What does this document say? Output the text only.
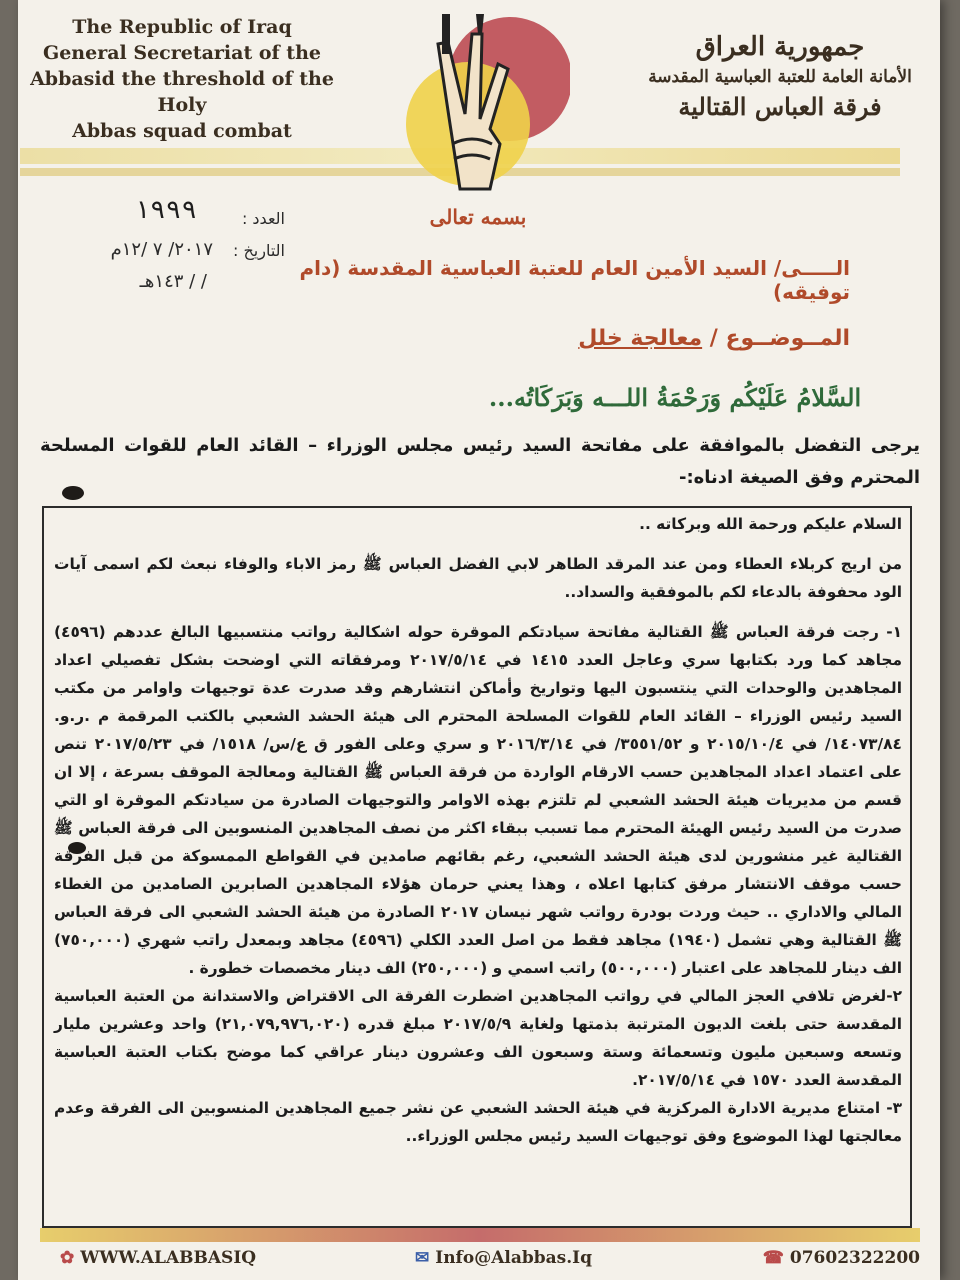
The Republic of Iraq
General Secretariat of the
Abbasid the threshold of the Holy
Abbas squad combat
جمهورية العراق
الأمانة العامة للعتبة العباسية المقدسة
فرقة العباس القتالية
بسمه تعالى
العدد :
١٩٩٩
التاريخ :
٢٠١٧/ ٧ /١٢م
/ / ١٤٣هـ
الـــــى/ السيد الأمين العام للعتبة العباسية المقدسة (دام توفيقه)
المــوضــوع / معالجة خلل
السَّلامُ عَلَيْكُم وَرَحْمَةُ اللـــه وَبَرَكَاتُه...
يرجى التفضل بالموافقة على مفاتحة السيد رئيس مجلس الوزراء – القائد العام للقوات المسلحة المحترم وفق الصيغة ادناه:-

السلام عليكم ورحمة الله وبركاته ..

من اريج كربلاء العطاء ومن عند المرقد الطاهر لابي الفضل العباس ﷺ رمز الاباء والوفاء نبعث لكم اسمى آيات الود محفوفة بالدعاء لكم بالموفقية والسداد..

١- رجت فرقة العباس ﷺ القتالية مفاتحة سيادتكم الموقرة حوله اشكالية رواتب منتسبيها البالغ عددهم (٤٥٩٦) مجاهد كما ورد بكتابها سري وعاجل العدد ١٤١٥ في ٢٠١٧/٥/١٤ ومرفقاته التي اوضحت بشكل تفصيلي اعداد المجاهدين والوحدات التي ينتسبون اليها وتواريخ وأماكن انتشارهم وقد صدرت عدة توجيهات واوامر من مكتب السيد رئيس الوزراء – القائد العام للقوات المسلحة المحترم الى هيئة الحشد الشعبي بالكتب المرقمة م .ر.و. ١٤٠٧٣/٨٤/ في ٢٠١٥/١٠/٤ و ٣٥٥١/٥٢/ في ٢٠١٦/٣/١٤ و سري وعلى الفور ق ع/س/ ١٥١٨/ في ٢٠١٧/٥/٢٣ تنص على اعتماد اعداد المجاهدين حسب الارقام الواردة من فرقة العباس ﷺ القتالية ومعالجة الموقف بسرعة ، إلا ان قسم من مديريات هيئة الحشد الشعبي لم تلتزم بهذه الاوامر والتوجيهات الصادرة من سيادتكم الموقرة او التي صدرت من السيد رئيس الهيئة المحترم مما تسبب ببقاء اكثر من نصف المجاهدين المنسوبين الى فرقة العباس ﷺ القتالية غير منشورين لدى هيئة الحشد الشعبي، رغم بقائهم صامدين في القواطع الممسوكة من قبل الفرقة حسب موقف الانتشار مرفق كتابها اعلاه ، وهذا يعني حرمان هؤلاء المجاهدين الصابرين الصامدين من الغطاء المالي والاداري .. حيث وردت بودرة رواتب شهر نيسان ٢٠١٧ الصادرة من هيئة الحشد الشعبي الى فرقة العباس ﷺ القتالية وهي تشمل (١٩٤٠) مجاهد فقط من اصل العدد الكلي (٤٥٩٦) مجاهد وبمعدل راتب شهري (٧٥٠,٠٠٠) الف دينار للمجاهد على اعتبار (٥٠٠,٠٠٠) راتب اسمي و (٢٥٠,٠٠٠) الف دينار مخصصات خطورة .

٢-لغرض تلافي العجز المالي في رواتب المجاهدين اضطرت الفرقة الى الاقتراض والاستدانة من العتبة العباسية المقدسة حتى بلغت الديون المترتبة بذمتها ولغاية ٢٠١٧/٥/٩ مبلغ قدره (٢١,٠٧٩,٩٧٦,٠٢٠) واحد وعشرين مليار وتسعه وسبعين مليون وتسعمائة وستة وسبعون الف وعشرون دينار عراقي كما موضح بكتاب العتبة العباسية المقدسة العدد ١٥٧٠ في ٢٠١٧/٥/١٤.

٣- امتناع مديرية الادارة المركزية في هيئة الحشد الشعبي عن نشر جميع المجاهدين المنسوبين الى الفرقة وعدم معالجتها لهذا الموضوع وفق توجيهات السيد رئيس مجلس الوزراء..

✿ WWW.ALABBASIQ	✉ Info@Alabbas.Iq	☎ 07602322200
